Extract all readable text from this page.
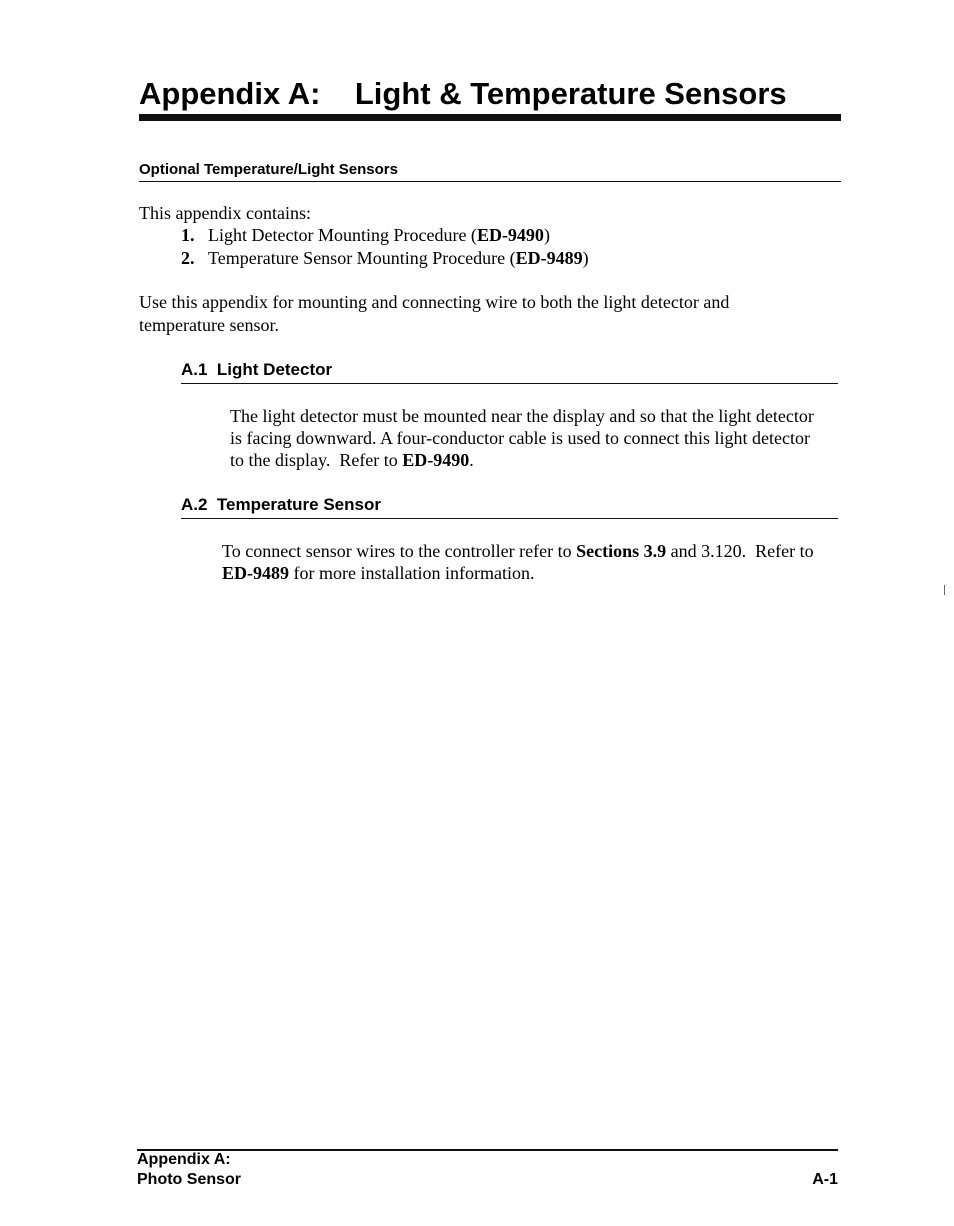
Appendix A:    Light & Temperature Sensors
Optional Temperature/Light Sensors
This appendix contains:
1. Light Detector Mounting Procedure (ED-9490)
2. Temperature Sensor Mounting Procedure (ED-9489)
Use this appendix for mounting and connecting wire to both the light detector and
temperature sensor.
A.1  Light Detector
The light detector must be mounted near the display and so that the light detector
is facing downward. A four-conductor cable is used to connect this light detector
to the display.  Refer to ED-9490.
A.2  Temperature Sensor
To connect sensor wires to the controller refer to Sections 3.9 and 3.120.  Refer to
ED-9489 for more installation information.
Appendix A:
Photo Sensor	A-1
